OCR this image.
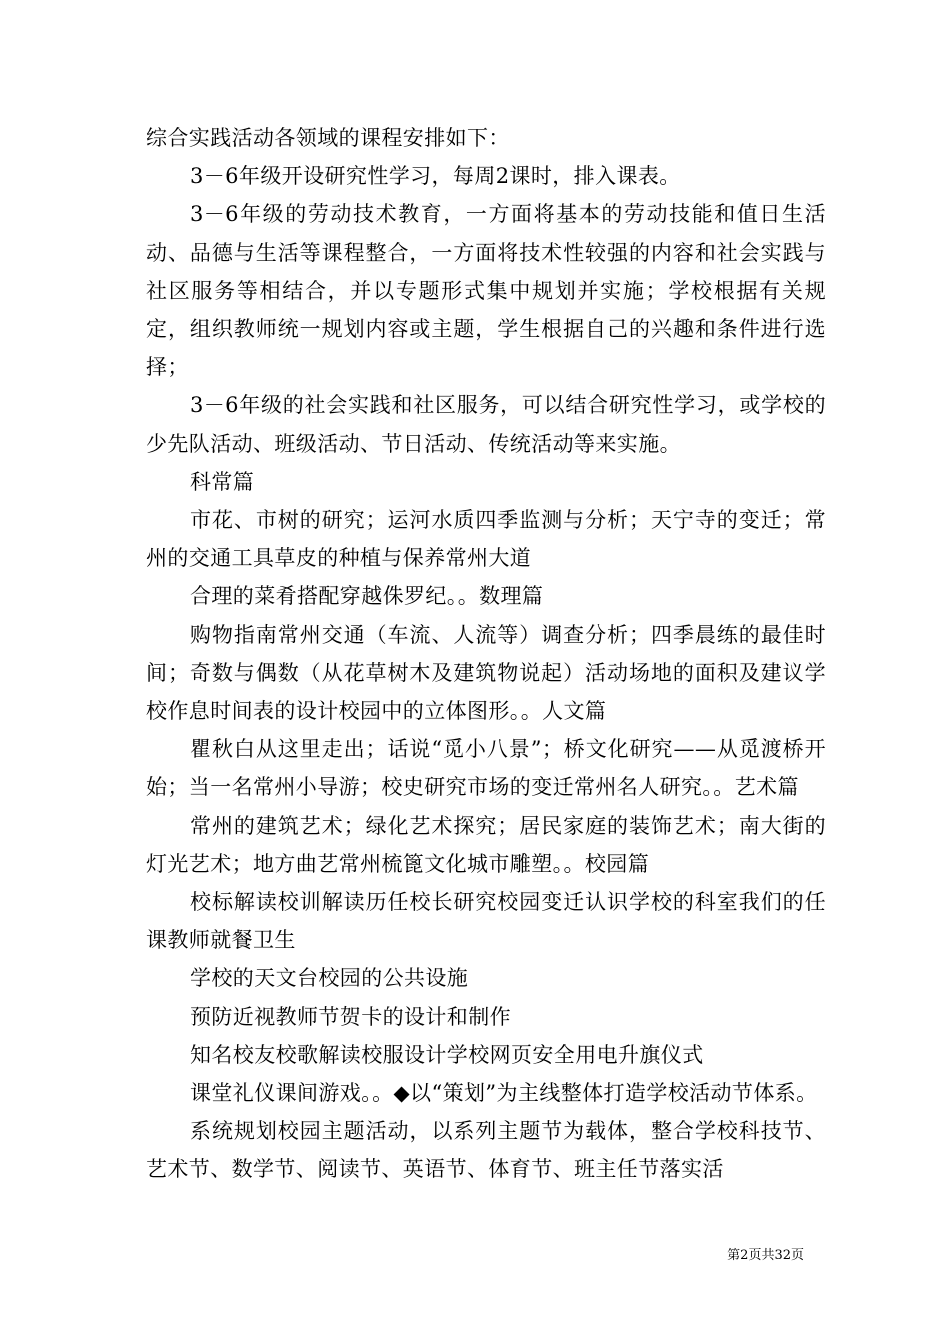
综合实践活动各领域的课程安排如下：

3－6年级开设研究性学习，每周2课时，排入课表。

3－6年级的劳动技术教育，一方面将基本的劳动技能和值日生活动、品德与生活等课程整合，一方面将技术性较强的内容和社会实践与社区服务等相结合，并以专题形式集中规划并实施；学校根据有关规定，组织教师统一规划内容或主题，学生根据自己的兴趣和条件进行选择；

3－6年级的社会实践和社区服务，可以结合研究性学习，或学校的少先队活动、班级活动、节日活动、传统活动等来实施。

科常篇

市花、市树的研究；运河水质四季监测与分析；天宁寺的变迁；常州的交通工具草皮的种植与保养常州大道

合理的菜肴搭配穿越侏罗纪。。数理篇

购物指南常州交通（车流、人流等）调查分析；四季晨练的最佳时间；奇数与偶数（从花草树木及建筑物说起）活动场地的面积及建议学校作息时间表的设计校园中的立体图形。。人文篇

瞿秋白从这里走出；话说“觅小八景”；桥文化研究——从觅渡桥开始；当一名常州小导游；校史研究市场的变迁常州名人研究。。艺术篇

常州的建筑艺术；绿化艺术探究；居民家庭的装饰艺术；南大街的灯光艺术；地方曲艺常州梳篦文化城市雕塑。。校园篇

校标解读校训解读历任校长研究校园变迁认识学校的科室我们的任课教师就餐卫生

学校的天文台校园的公共设施

预防近视教师节贺卡的设计和制作

知名校友校歌解读校服设计学校网页安全用电升旗仪式

课堂礼仪课间游戏。。◆以“策划”为主线整体打造学校活动节体系。

系统规划校园主题活动，以系列主题节为载体，整合学校科技节、艺术节、数学节、阅读节、英语节、体育节、班主任节落实活

第2页共32页
